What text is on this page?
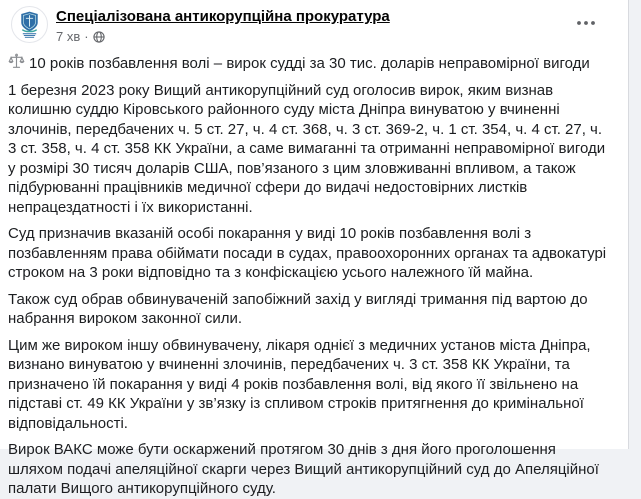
Спеціалізована антикорупційна прокуратура
7 хв ·
10 років позбавлення волі – вирок судді за 30 тис. доларів неправомірної вигоди
1 березня 2023 року Вищий антикорупційний суд оголосив вирок, яким визнав колишню суддю Кіровського районного суду міста Дніпра винуватою у вчиненні злочинів, передбачених ч. 5 ст. 27, ч. 4 ст. 368, ч. 3 ст. 369-2, ч. 1 ст. 354, ч. 4 ст. 27, ч. 3 ст. 358, ч. 4 ст. 358 КК України, а саме вимаганні та отриманні неправомірної вигоди у розмірі 30 тисяч доларів США, пов’язаного з цим зловживанні впливом, а також підбурюванні працівників медичної сфери до видачі недостовірних листків непрацездатності і їх використанні.
Суд призначив вказаній особі покарання у виді 10 років позбавлення волі з позбавленням права обіймати посади в судах, правоохоронних органах та адвокатурі строком на 3 роки відповідно та з конфіскацією усього належного їй майна.
Також суд обрав обвинуваченій запобіжний захід у вигляді тримання під вартою до набрання вироком законної сили.
Цим же вироком іншу обвинувачену, лікаря однієї з медичних установ міста Дніпра, визнано винуватою у вчиненні злочинів, передбачених ч. 3 ст. 358 КК України, та призначено їй покарання у виді 4 років позбавлення волі, від якого її звільнено на підставі ст. 49 КК України у зв’язку із спливом строків притягнення до кримінальної відповідальності.
Вирок ВАКС може бути оскаржений протягом 30 днів з дня його проголошення шляхом подачі апеляційної скарги через Вищий антикорупційний суд до Апеляційної палати Вищого антикорупційного суду.
